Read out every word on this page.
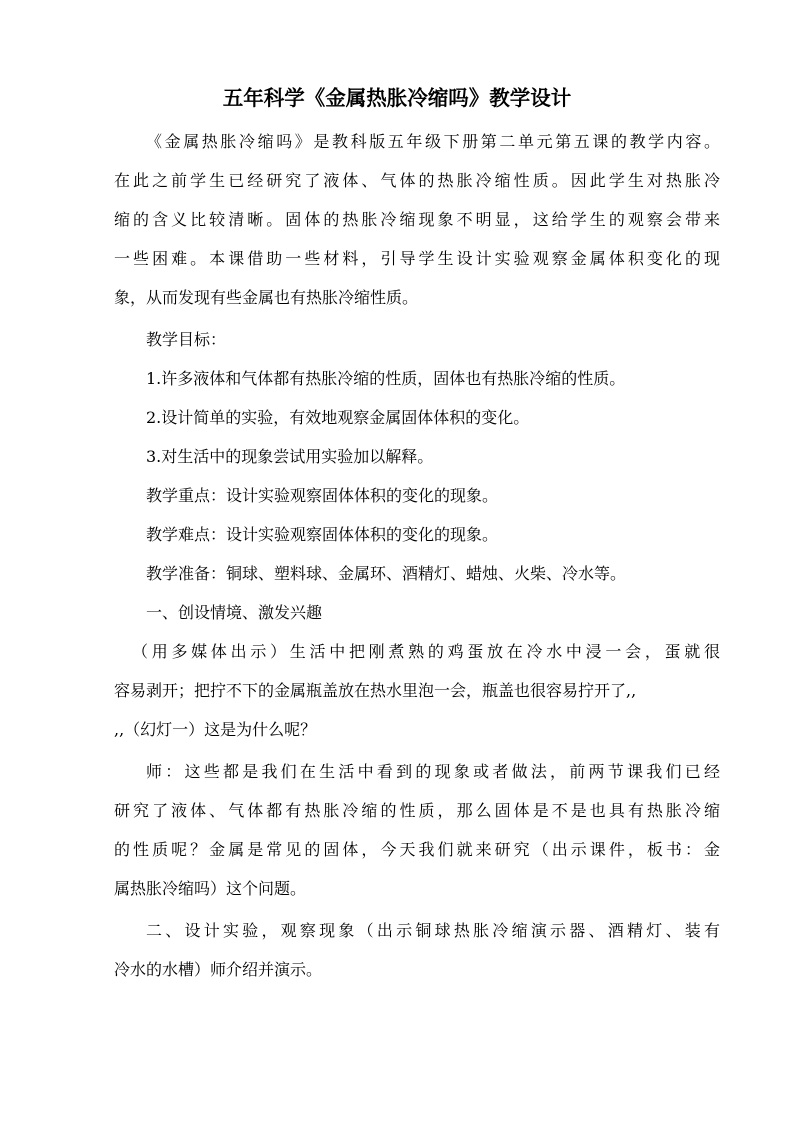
五年科学《金属热胀冷缩吗》教学设计
《金属热胀冷缩吗》是教科版五年级下册第二单元第五课的教学内容。
在此之前学生已经研究了液体、气体的热胀冷缩性质。因此学生对热胀冷
缩的含义比较清晰。固体的热胀冷缩现象不明显，这给学生的观察会带来
一些困难。本课借助一些材料，引导学生设计实验观察金属体积变化的现
象，从而发现有些金属也有热胀冷缩性质。
教学目标：
1.许多液体和气体都有热胀冷缩的性质，固体也有热胀冷缩的性质。
2.设计简单的实验，有效地观察金属固体体积的变化。
3.对生活中的现象尝试用实验加以解释。
教学重点：设计实验观察固体体积的变化的现象。
教学难点：设计实验观察固体体积的变化的现象。
教学准备：铜球、塑料球、金属环、酒精灯、蜡烛、火柴、冷水等。
一、创设情境、激发兴趣
（用多媒体出示）生活中把刚煮熟的鸡蛋放在冷水中浸一会，蛋就很
容易剥开；把拧不下的金属瓶盖放在热水里泡一会，瓶盖也很容易拧开了,,
,,（幻灯一）这是为什么呢？
师：这些都是我们在生活中看到的现象或者做法，前两节课我们已经
研究了液体、气体都有热胀冷缩的性质，那么固体是不是也具有热胀冷缩
的性质呢？金属是常见的固体，今天我们就来研究（出示课件，板书：金
属热胀冷缩吗）这个问题。
二、设计实验，观察现象（出示铜球热胀冷缩演示器、酒精灯、装有
冷水的水槽）师介绍并演示。
